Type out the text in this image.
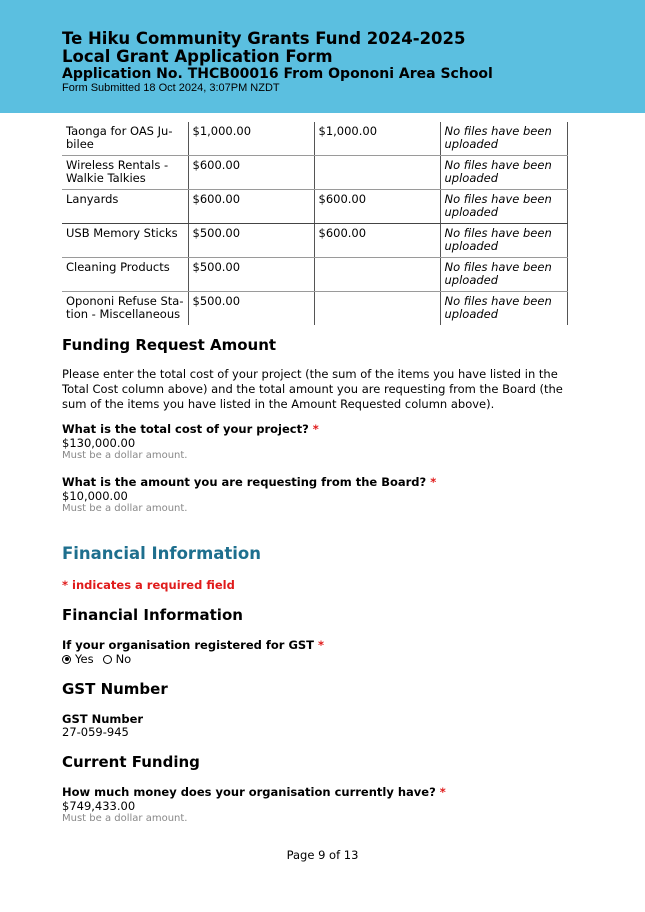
Te Hiku Community Grants Fund 2024-2025
Local Grant Application Form
Application No. THCB00016 From Opononi Area School
Form Submitted 18 Oct 2024, 3:07PM NZDT
Taonga for OAS Ju-bilee	$1,000.00	$1,000.00	No files have been uploaded
Wireless Rentals - Walkie Talkies	$600.00		No files have been uploaded
Lanyards	$600.00	$600.00	No files have been uploaded
USB Memory Sticks	$500.00	$600.00	No files have been uploaded
Cleaning Products	$500.00		No files have been uploaded
Opononi Refuse Sta-tion - Miscellaneous	$500.00		No files have been uploaded
Funding Request Amount
Please enter the total cost of your project (the sum of the items you have listed in the Total Cost column above) and the total amount you are requesting from the Board (the sum of the items you have listed in the Amount Requested column above).
What is the total cost of your project? *
$130,000.00
Must be a dollar amount.
What is the amount you are requesting from the Board? *
$10,000.00
Must be a dollar amount.
Financial Information
* indicates a required field
Financial Information
If your organisation registered for GST *
Yes No
GST Number
GST Number
27-059-945
Current Funding
How much money does your organisation currently have? *
$749,433.00
Must be a dollar amount.
Page 9 of 13
